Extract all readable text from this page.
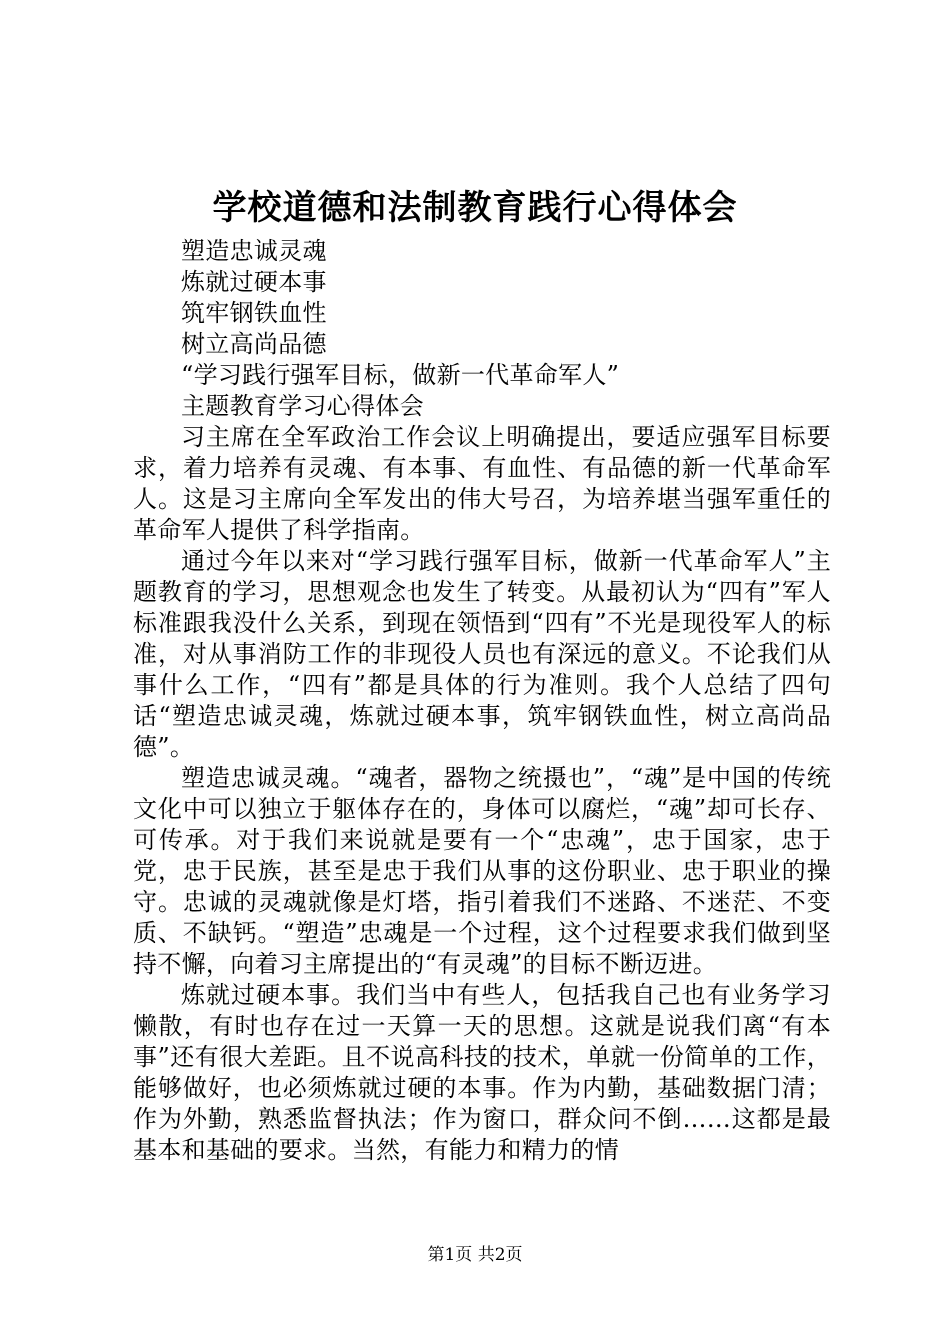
学校道德和法制教育践行心得体会

塑造忠诚灵魂

炼就过硬本事

筑牢钢铁血性

树立高尚品德

“学习践行强军目标，做新一代革命军人”

主题教育学习心得体会

习主席在全军政治工作会议上明确提出，要适应强军目标要求，着力培养有灵魂、有本事、有血性、有品德的新一代革命军人。这是习主席向全军发出的伟大号召，为培养堪当强军重任的革命军人提供了科学指南。

通过今年以来对“学习践行强军目标，做新一代革命军人”主题教育的学习，思想观念也发生了转变。从最初认为“四有”军人标准跟我没什么关系，到现在领悟到“四有”不光是现役军人的标准，对从事消防工作的非现役人员也有深远的意义。不论我们从事什么工作，“四有”都是具体的行为准则。我个人总结了四句话“塑造忠诚灵魂，炼就过硬本事，筑牢钢铁血性，树立高尚品德”。

塑造忠诚灵魂。“魂者，器物之统摄也”，“魂”是中国的传统文化中可以独立于躯体存在的，身体可以腐烂，“魂”却可长存、可传承。对于我们来说就是要有一个“忠魂”，忠于国家，忠于党，忠于民族，甚至是忠于我们从事的这份职业、忠于职业的操守。忠诚的灵魂就像是灯塔，指引着我们不迷路、不迷茫、不变质、不缺钙。“塑造”忠魂是一个过程，这个过程要求我们做到坚持不懈，向着习主席提出的“有灵魂”的目标不断迈进。

炼就过硬本事。我们当中有些人，包括我自己也有业务学习懒散，有时也存在过一天算一天的思想。这就是说我们离“有本事”还有很大差距。且不说高科技的技术，单就一份简单的工作，能够做好，也必须炼就过硬的本事。作为内勤，基础数据门清；作为外勤，熟悉监督执法；作为窗口，群众问不倒……这都是最基本和基础的要求。当然，有能力和精力的情

第1页 共2页
